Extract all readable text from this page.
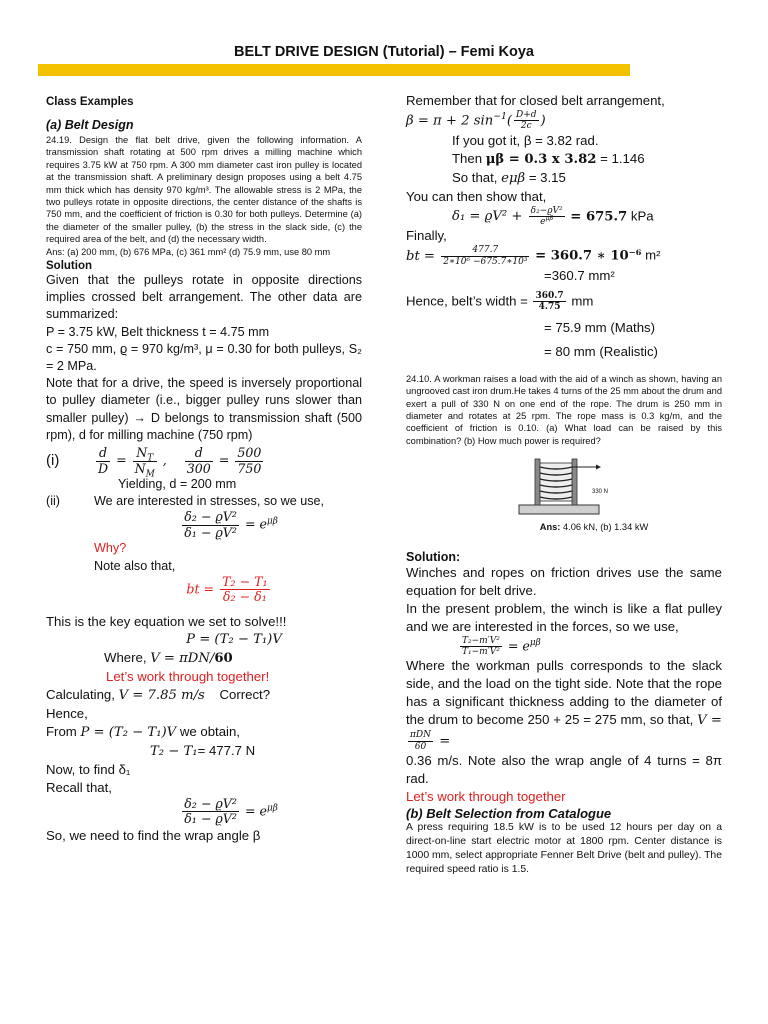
BELT DRIVE DESIGN (Tutorial) – Femi Koya
Class Examples
(a) Belt Design

24.19. Design the flat belt drive, given the following information. A transmission shaft rotating at 500 rpm drives a milling machine which requires 3.75 kW at 750 rpm. A 300 mm diameter cast iron pulley is located at the transmission shaft. A preliminary design proposes using a belt 4.75 mm thick which has density 970 kg/m³. The allowable stress is 2 MPa, the two pulleys rotate in opposite directions, the center distance of the shafts is 750 mm, and the coefficient of friction is 0.30 for both pulleys. Determine (a) the diameter of the smaller pulley, (b) the stress in the slack side, (c) the required area of the belt, and (d) the necessary width.

Ans: (a) 200 mm, (b) 676 MPa, (c) 361 mm² (d) 75.9 mm, use 80 mm

Solution

Given that the pulleys rotate in opposite directions implies crossed belt arrangement. The other data are summarized:

P = 3.75 kW, Belt thickness t = 4.75 mm

c = 750 mm, ϱ = 970 kg/m³, μ = 0.30 for both pulleys, S₂ = 2 MPa.

Note that for a drive, the speed is inversely proportional to pulley diameter (i.e., bigger pulley runs slower than smaller pulley) → D belongs to transmission shaft (500 rpm), d for milling machine (750 rpm)

(i)	$\frac{d}{D} = \frac{N_T}{N_M}$ , $\frac{d}{300} = \frac{500}{750}$
Yielding, d = 200 mm
(ii)	We are interested in stresses, so we use,
$\frac{\text{δ₂ − ϱV²}}{\text{δ₁ − ϱV²}} = e^{\mu\beta}$
Why?
Note also that,
bt = $\frac{\text{T₂ − T₁}}{\text{δ₂ − δ₁}}$

This is the key equation we set to solve!!!

P = (T₂ − T₁)V
Where, V = πDN/60
Let’s work through together!
Calculating, V = 7.85 m/s Correct?
Hence,
From P = (T₂ − T₁)V we obtain,
T₂ − T₁= 477.7 N
Now, to find δ₁
Recall that,
$\frac{\text{δ₂ − ϱV²}}{\text{δ₁ − ϱV²}} = e^{\mu\beta}$
So, we need to find the wrap angle β
Remember that for closed belt arrangement,
β = π + 2 $\sin^{-1}( \frac{D+d}{2c}$ )
If you got it, β = 3.82 rad.
Then μβ = 0.3 x 3.82 = 1.146
So that, eμβ = 3.15
You can then show that,
$\delta_1 = ϱV^2 + \frac{\text{δ₂−ϱV²}}{e^{\mu\beta}} = 675.7$ kPa
Finally,
bt = $\frac{477.7}{\text{2∗10⁶ −675.7∗10³}} = 360.7$ ∗ 10⁻⁶ m²
=360.7 mm²
Hence, belt’s width = $\frac{360.7}{4.75}$ mm
= 75.9 mm (Maths)
= 80 mm (Realistic)

24.10. A workman raises a load with the aid of a winch as shown, having an ungrooved cast iron drum.He takes 4 turns of the 25 mm about the drum and exert a pull of 330 N on one end of the rope. The drum is 250 mm in diameter and rotates at 25 rpm. The rope mass is 0.3 kg/m, and the coefficient of friction is 0.10. (a) What load can be raised by this combination? (b) How much power is required?

330 N
Ans: 4.06 kN, (b) 1.34 kW
Solution:

Winches and ropes on friction drives use the same equation for belt drive.

In the present problem, the winch is like a flat pulley and we are interested in the forces, so we use,

$\frac{\text{T₂−m′V²}}{\text{T₁−m′V²}} = e^{\mu\beta}$

Where the workman pulls corresponds to the slack side, and the load on the tight side. Note that the rope has a significant thickness adding to the diameter of the drum to become 250 + 25 = 275 mm, so that, V =
$\frac{\text{πDN}}{60}$ =

0.36 m/s. Note also the wrap angle of 4 turns = 8π rad.

Let’s work through together
(b) Belt Selection from Catalogue

A press requiring 18.5 kW is to be used 12 hours per day on a direct-on-line start electric motor at 1800 rpm. Center distance is 1000 mm, select appropriate Fenner Belt Drive (belt and pulley). The required speed ratio is 1.5.
